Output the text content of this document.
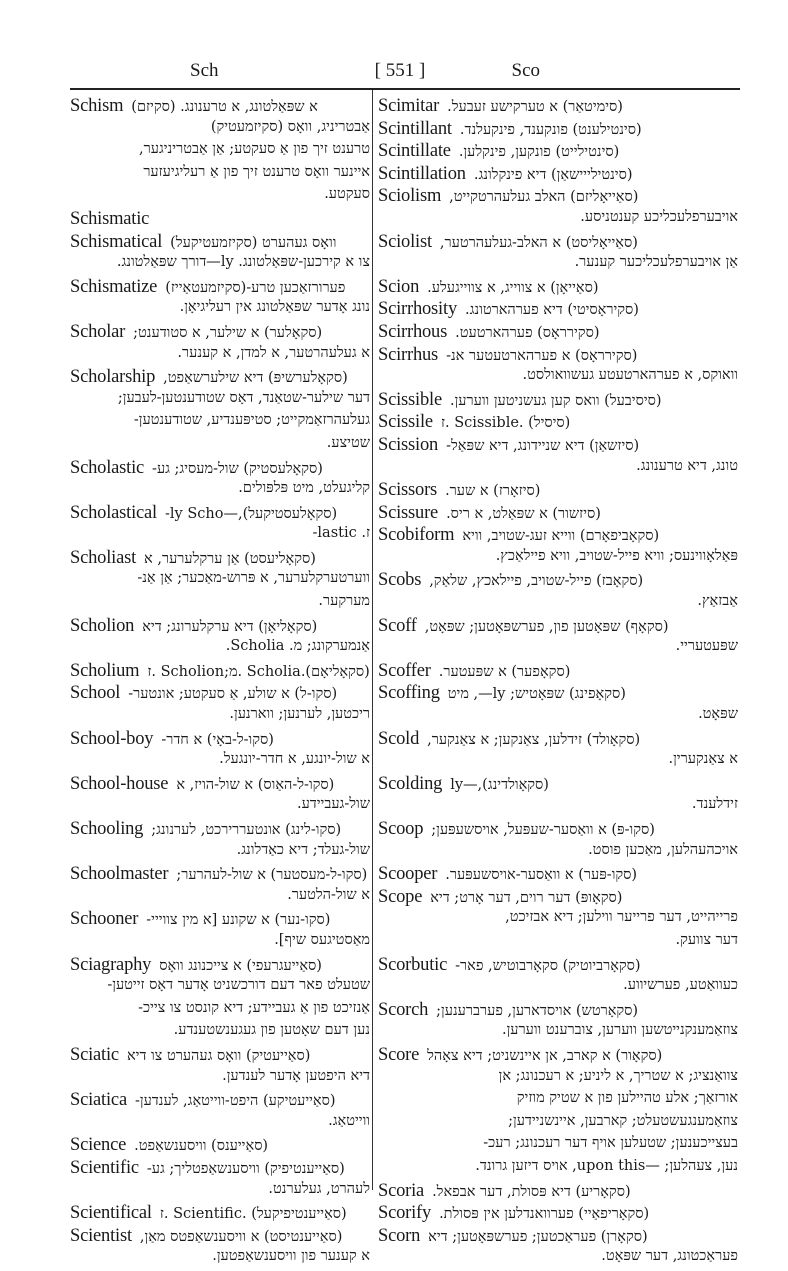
Sch	[ 551 ]	Sco
Schism א שפּאַלטונג, א טרענונג. (סקיזם)
אַבטריניג, וואָס (סקיזמעטיק)
טרענט זיך פון אַ סעקטע; אַן אַבטריניגער,
איינער וואָס טרענט זיך פון אַ רעליגיעזער
סעקטע.
Schismatic
Schismatical וואָס געהערט (סקיזמעטיקעל)
צו א קירכען-שפּאַלטונג. ly—דורך שפּאַלטונג.
Schismatize פערורזאַכען טרע-(סקיזמעטאַייז)
נונג אָדער שפּאַלטונג אין רעליגיאָן.
Scholar (סקאָלער) א שילער, א סטודענט;
א געלעהרטער, א למדן, א קענער.
Scholarship (סקאָלערשיפּ) דיא שילערשאַפט,
דער שילער-שטאַנד, דאָס שטודענטען-לעבען;
געלעהרזאַמקייט; סטיפּענדיע, שטודענטען-
שטיצע.
Scholastic (סקאָלעסטיק) שול-מעסיג; גע-
קליגעלט, מיט פּלפּולים.
Scholastical (סקאָלעסטיקעל),—ly Scho-
-lastic .ז
Scholiast (סקאָליעסט) אַן ערקלערער, א
ווערטערקלערער, א פּרוש-מאַכער; אַן אַנ-
מערקער.
Scholion (סקאָליאָן) דיא ערקלערונג; דיא
.Scholia .אַנמערקונג; מ
Scholium (סקאָליאָם).Scholia .מ;Scholion .ז
School (סקו-ל) א שולע, אַ סעקטע; אונטער-
ריכטען, לערנען; ווארנען.
School-boy (סקו-ל-באָי) א חדר-
א שול-יונגע, א חדר-יונגעל.
School-house (סקו-ל-האַוס) א שול-הויז, א
שול-געביידע.
Schooling (סקו-לינג) אונטעררירכט, לערנונג;
שול-געלד; דיא כאַדלונג.
Schoolmaster (סקו-ל-מעסטער) א שול-לעהרער;
א שול-הלטער.
Schooner (סקו-נער) א שקונע [א מין צווייי-
מאַסטיגעס שיף].
Sciagraphy (סאַייעגרעפי) א צייכנונג וואָס
שטעלט פאר דעם דורכשניט אָדער דאָס זייטען-
אַנזיכט פון אַ געביידע; דיא קונסט צו צייכ-
נען דעם שאָטען פון געגענשטענדע.
Sciatic (סאַייעטיק) וואָס געהערט צו דיא
דיא היפטען אָדער לענדען.
Sciatica (סאַייעטיקע) היפט-ווייטאַג, לענדען-
ווייטאַג.
Science (סאַייענס) וויסענשאַפט.
Scientific (סאַייענטיפיק) וויסענשאַפטליך; גע-
לעהרט, געלערנט.
Scientifical (סאַייענטיפיקעל) .Scientific .ז
Scientist (סאַייענטיסט) א וויסענשאַפטס מאַן,
א קענער פון וויסענשאַפטען.
Scimitar (סימיטאַר) א טערקישע זעבעל.
Scintillant (סינטילענט) פונקענד, פינקעלנד.
Scintillate (סינטילייט) פונקען, פינקלען.
Scintillation (סינטילייישאַן) דיא פינקלונג.
Sciolism (סאַייאָליזם) האלב געלעהרטקייט,
אויבערפלעכליכע קענטניסע.
Sciolist (סאַייאָליסט) א האלב-געלעהרטער,
אַן אויבערפלעכליכער קענער.
Scion (סאַייאָן) א צווייג, א צווייגעלע.
Scirrhosity (סקיראָסיטי) דיא פערהארטונג.
Scirrhous (סקירראָס) פערהארטעט.
Scirrhus (סקירראָס) א פערהארטעטער אנ-
וואוקס, א פערהארטעטע געשוואולסט.
Scissible (סיסיבעל) וואס קען געשניטען ווערען.
Scissile (סיסיל) .Scissible .ז
Scission (סיזשאַן) דיא שניידונג, דיא שפּאַל-
טונג, דיא טרענונג.
Scissors (סיזאָרז) א שער.
Scissure (סיזשור) א שפּאַלט, א ריס.
Scobiform (סקאָביפאָרם) ווייא זעג-שטויב, וויא
פּאַלאָווינעס; וויא פייל-שטויב, וויא פיילאַכץ.
Scobs (סקאָבז) פייל-שטויב, פיילאכץ, שלאַק,
אַבזאַץ.
Scoff (סקאָף) שפּאָטען פון, פערשפּאָטען; שפּאָט,
שפּעטעריי.
Scoffer (סקאָפער) א שפּעטער.
Scoffing (סקאָפינג) שפּאָטיש; ly—, מיט
שפּאָט.
Scold (סקאָולד) זידלען, צאַנקען; א צאַנקער,
א צאַנקערין.
Scolding (סקאָולדינג),—ly
זידלענד.
Scoop (סקו-פּ) א וואַסער-שעפּעל, אויסשעפּען;
אויכהעהלען, מאַכען פוסט.
Scooper (סקו-פּער) א וואַסער-אויסשעפּער.
Scope (סקאָופּ) דער רוים, דער אָרט; דיא
פרייהייט, דער פרייער ווילען; דיא אבזיכט,
דער צוועק.
Scorbutic (סקאָרביוטיק) סקאָרבוטיש, פאר-
כעוואַטע, פערשיווע.
Scorch (סקאָרטש) אויסדארען, פערברענען;
צוזאַמענקנייטשען ווערען, צוברענט ווערען.
Score (סקאָור) א קארב, אן איינשניט; דיא צאָהל
צוואַנציג; א שטריך, א ליניע; א רעכנונג; אן
אורזאַך; אלע טהיילען פון א שטיק מוזיק
צוזאַמענגעשטעלט; קארבען, איינשניידען;
בעצייכענען; שטעלען אויף דער רעכנונג; רעכ-
נען, צעהלען; —upon this, אויס דיזען גרונד.
Scoria (סקאָריע) דיא פּסולת, דער אבפאל.
Scorify (סקאָריפאַיי) פערוואנדלען אין פּסולת.
Scorn (סקאָרן) פעראַכטען; פערשפּאָטען; דיא
פעראַכטונג, דער שפּאָט.
